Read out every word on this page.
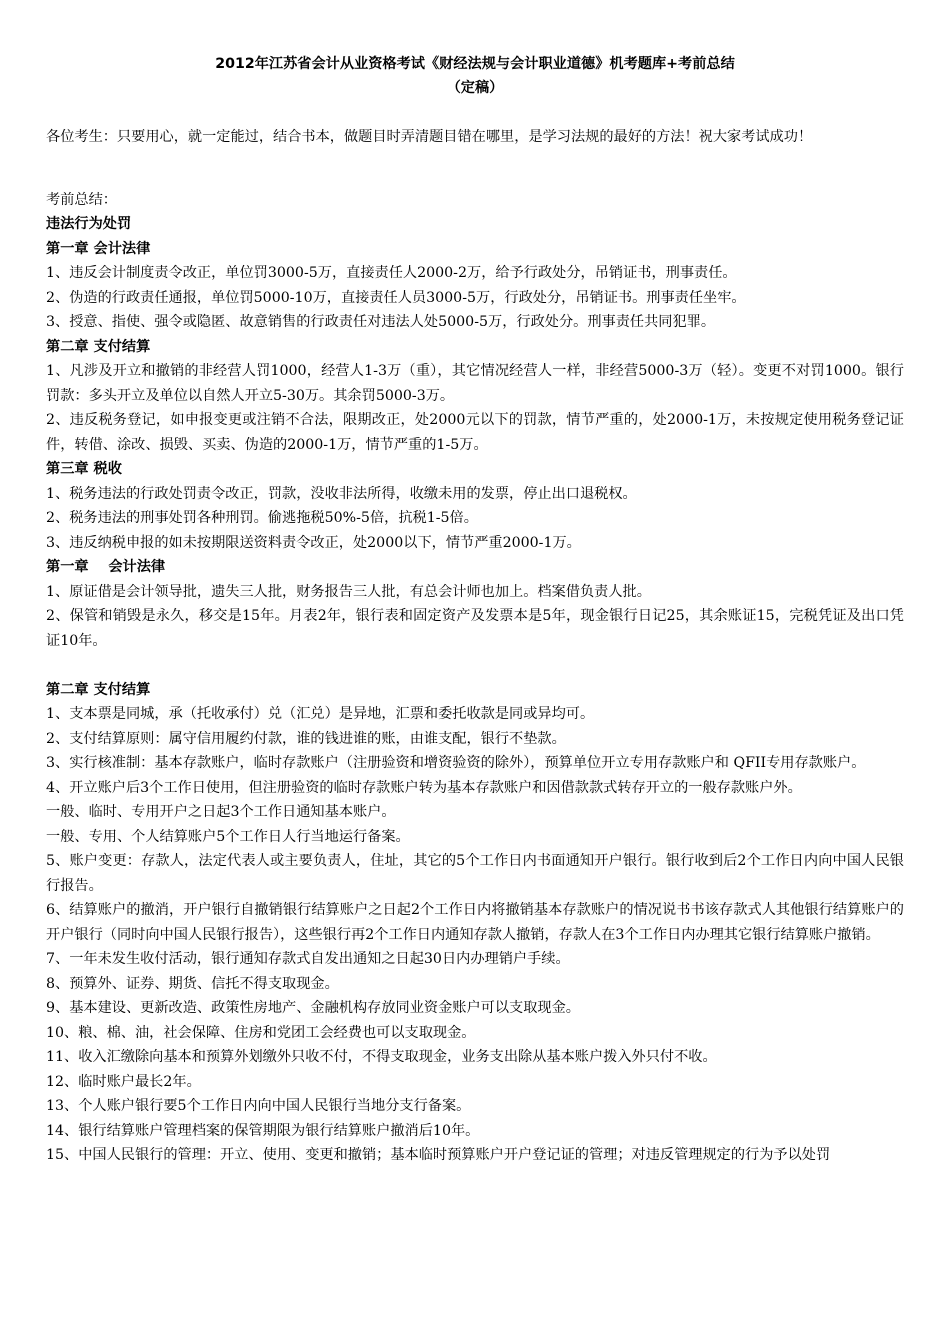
2012年江苏省会计从业资格考试《财经法规与会计职业道德》机考题库+考前总结

（定稿）

各位考生：只要用心，就一定能过，结合书本，做题目时弄清题目错在哪里，是学习法规的最好的方法！祝大家考试成功！

考前总结：

违法行为处罚

第一章 会计法律

1、违反会计制度责令改正，单位罚3000-5万，直接责任人2000-2万，给予行政处分，吊销证书，刑事责任。

2、伪造的行政责任通报，单位罚5000-10万，直接责任人员3000-5万，行政处分，吊销证书。刑事责任坐牢。

3、授意、指使、强令或隐匿、故意销售的行政责任对违法人处5000-5万，行政处分。刑事责任共同犯罪。

第二章 支付结算

1、凡涉及开立和撤销的非经营人罚1000，经营人1-3万（重），其它情况经营人一样，非经营5000-3万（轻）。变更不对罚1000。银行罚款：多头开立及单位以自然人开立5-30万。其余罚5000-3万。

2、违反税务登记，如申报变更或注销不合法，限期改正，处2000元以下的罚款，情节严重的，处2000-1万，未按规定使用税务登记证件，转借、涂改、损毁、买卖、伪造的2000-1万，情节严重的1-5万。

第三章 税收

1、税务违法的行政处罚责令改正，罚款，没收非法所得，收缴未用的发票，停止出口退税权。

2、税务违法的刑事处罚各种刑罚。偷逃拖税50%-5倍，抗税1-5倍。

3、违反纳税申报的如未按期限送资料责令改正，处2000以下，情节严重2000-1万。

第一章    会计法律

1、原证借是会计领导批，遗失三人批，财务报告三人批，有总会计师也加上。档案借负责人批。

2、保管和销毁是永久，移交是15年。月表2年，银行表和固定资产及发票本是5年，现金银行日记25，其余账证15，完税凭证及出口凭证10年。

第二章 支付结算

1、支本票是同城，承（托收承付）兑（汇兑）是异地，汇票和委托收款是同或异均可。

2、支付结算原则：属守信用履约付款，谁的钱进谁的账，由谁支配，银行不垫款。

3、实行核准制：基本存款账户，临时存款账户（注册验资和增资验资的除外），预算单位开立专用存款账户和 QFII专用存款账户。

4、开立账户后3个工作日使用，但注册验资的临时存款账户转为基本存款账户和因借款款式转存开立的一般存款账户外。

一般、临时、专用开户之日起3个工作日通知基本账户。

一般、专用、个人结算账户5个工作日人行当地运行备案。

5、账户变更：存款人，法定代表人或主要负责人，住址，其它的5个工作日内书面通知开户银行。银行收到后2个工作日内向中国人民银行报告。

6、结算账户的撤消，开户银行自撤销银行结算账户之日起2个工作日内将撤销基本存款账户的情况说书书该存款式人其他银行结算账户的开户银行（同时向中国人民银行报告），这些银行再2个工作日内通知存款人撤销，存款人在3个工作日内办理其它银行结算账户撤销。

7、一年未发生收付活动，银行通知存款式自发出通知之日起30日内办理销户手续。

8、预算外、证券、期货、信托不得支取现金。

9、基本建设、更新改造、政策性房地产、金融机构存放同业资金账户可以支取现金。

10、粮、棉、油，社会保障、住房和党团工会经费也可以支取现金。

11、收入汇缴除向基本和预算外划缴外只收不付，不得支取现金，业务支出除从基本账户拨入外只付不收。

12、临时账户最长2年。

13、个人账户银行要5个工作日内向中国人民银行当地分支行备案。

14、银行结算账户管理档案的保管期限为银行结算账户撤消后10年。

15、中国人民银行的管理：开立、使用、变更和撤销；基本临时预算账户开户登记证的管理；对违反管理规定的行为予以处罚
